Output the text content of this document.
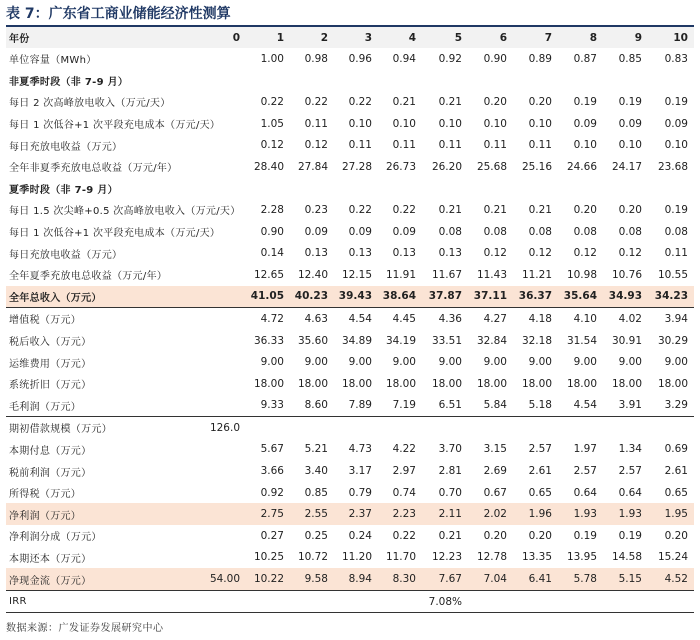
表 7：广东省工商业储能经济性测算
年份	0	1	2	3	4	5	6	7	8	9	10
单位容量（MWh）		1.00	0.98	0.96	0.94	0.92	0.90	0.89	0.87	0.85	0.83
非夏季时段（非 7-9 月）											
每日 2 次高峰放电收入（万元/天）		0.22	0.22	0.22	0.21	0.21	0.20	0.20	0.19	0.19	0.19
每日 1 次低谷+1 次平段充电成本（万元/天）		1.05	0.11	0.10	0.10	0.10	0.10	0.10	0.09	0.09	0.09
每日充放电收益（万元）		0.12	0.12	0.11	0.11	0.11	0.11	0.11	0.10	0.10	0.10
全年非夏季充放电总收益（万元/年）		28.40	27.84	27.28	26.73	26.20	25.68	25.16	24.66	24.17	23.68
夏季时段（非 7-9 月）											
每日 1.5 次尖峰+0.5 次高峰放电收入（万元/天）		2.28	0.23	0.22	0.22	0.21	0.21	0.21	0.20	0.20	0.19
每日 1 次低谷+1 次平段充电成本（万元/天）		0.90	0.09	0.09	0.09	0.08	0.08	0.08	0.08	0.08	0.08
每日充放电收益（万元）		0.14	0.13	0.13	0.13	0.13	0.12	0.12	0.12	0.12	0.11
全年夏季充放电总收益（万元/年）		12.65	12.40	12.15	11.91	11.67	11.43	11.21	10.98	10.76	10.55
全年总收入（万元）		41.05	40.23	39.43	38.64	37.87	37.11	36.37	35.64	34.93	34.23
增值税（万元）		4.72	4.63	4.54	4.45	4.36	4.27	4.18	4.10	4.02	3.94
税后收入（万元）		36.33	35.60	34.89	34.19	33.51	32.84	32.18	31.54	30.91	30.29
运维费用（万元）		9.00	9.00	9.00	9.00	9.00	9.00	9.00	9.00	9.00	9.00
系统折旧（万元）		18.00	18.00	18.00	18.00	18.00	18.00	18.00	18.00	18.00	18.00
毛利润（万元）		9.33	8.60	7.89	7.19	6.51	5.84	5.18	4.54	3.91	3.29
期初借款规模（万元）	126.0										
本期付息（万元）		5.67	5.21	4.73	4.22	3.70	3.15	2.57	1.97	1.34	0.69
税前利润（万元）		3.66	3.40	3.17	2.97	2.81	2.69	2.61	2.57	2.57	2.61
所得税（万元）		0.92	0.85	0.79	0.74	0.70	0.67	0.65	0.64	0.64	0.65
净利润（万元）		2.75	2.55	2.37	2.23	2.11	2.02	1.96	1.93	1.93	1.95
净利润分成（万元）		0.27	0.25	0.24	0.22	0.21	0.20	0.20	0.19	0.19	0.20
本期还本（万元）		10.25	10.72	11.20	11.70	12.23	12.78	13.35	13.95	14.58	15.24
净现金流（万元）	54.00	10.22	9.58	8.94	8.30	7.67	7.04	6.41	5.78	5.15	4.52
IRR						7.08%					
数据来源：广发证券发展研究中心
